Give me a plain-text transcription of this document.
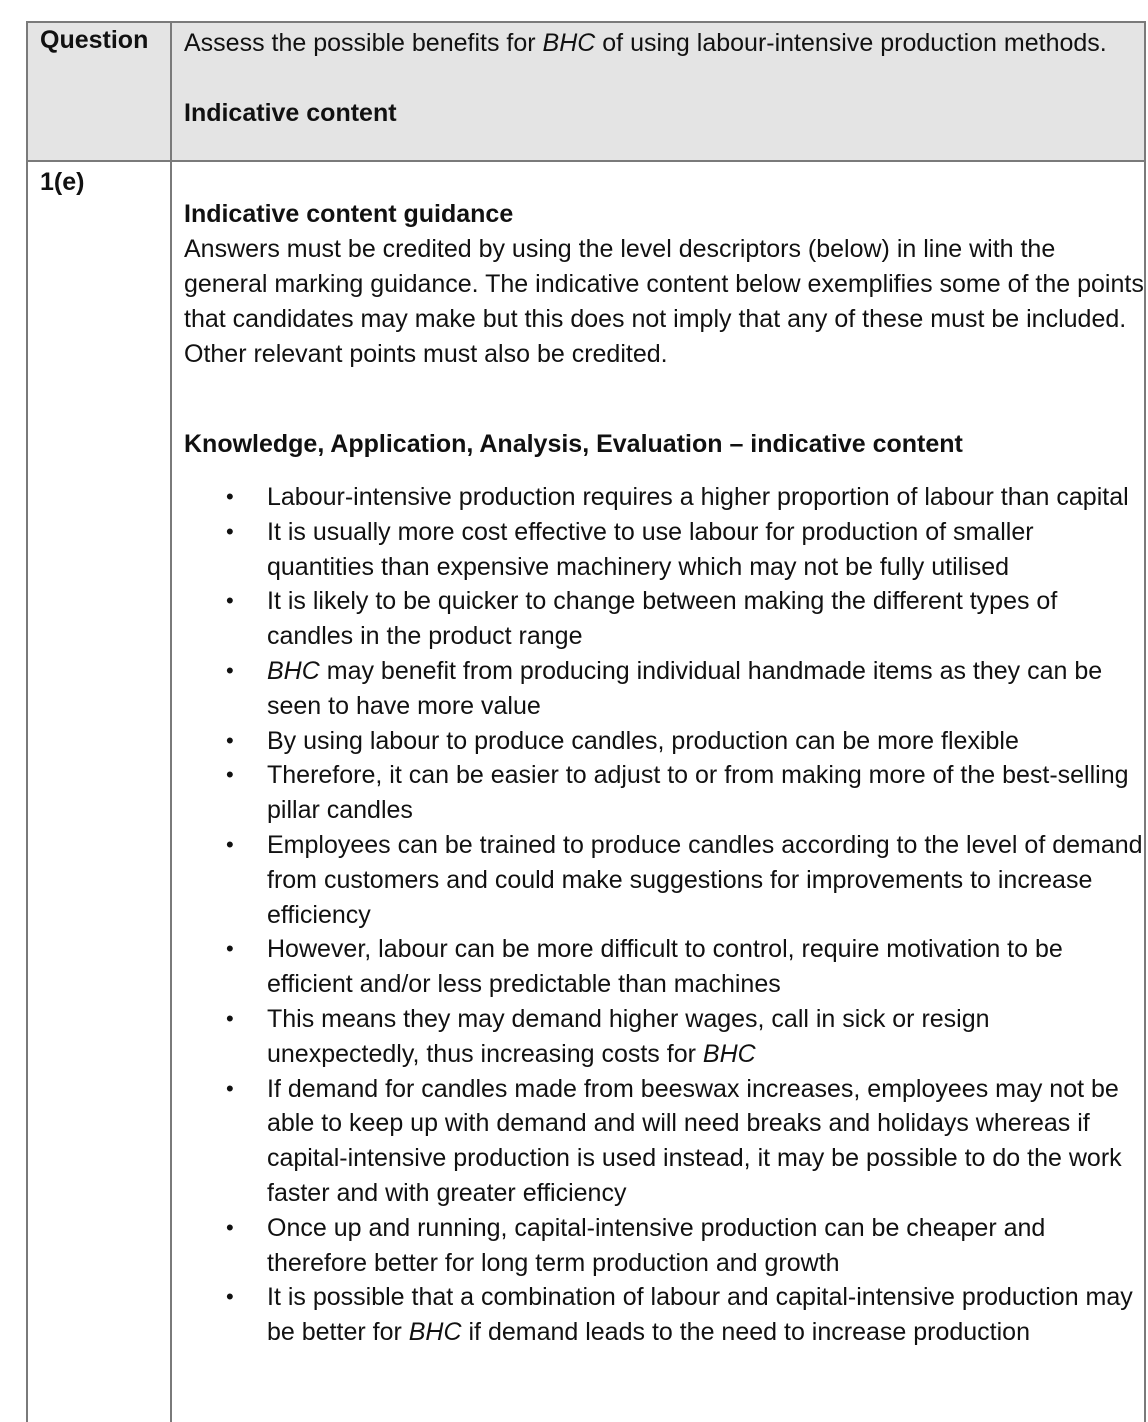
Question	Assess the possible benefits for BHC of using labour-intensive production methods.

Indicative content
1(e)

Indicative content guidance

Answers must be credited by using the level descriptors (below) in line with the general marking guidance. The indicative content below exemplifies some of the points that candidates may make but this does not imply that any of these must be included. Other relevant points must also be credited.

Knowledge, Application, Analysis, Evaluation – indicative content

• Labour-intensive production requires a higher proportion of labour than capital
• It is usually more cost effective to use labour for production of smaller quantities than expensive machinery which may not be fully utilised
• It is likely to be quicker to change between making the different types of candles in the product range
• BHC may benefit from producing individual handmade items as they can be seen to have more value
• By using labour to produce candles, production can be more flexible
• Therefore, it can be easier to adjust to or from making more of the best-selling pillar candles
• Employees can be trained to produce candles according to the level of demand from customers and could make suggestions for improvements to increase efficiency
• However, labour can be more difficult to control, require motivation to be efficient and/or less predictable than machines
• This means they may demand higher wages, call in sick or resign unexpectedly, thus increasing costs for BHC
• If demand for candles made from beeswax increases, employees may not be able to keep up with demand and will need breaks and holidays whereas if capital-intensive production is used instead, it may be possible to do the work faster and with greater efficiency
• Once up and running, capital-intensive production can be cheaper and therefore better for long term production and growth
• It is possible that a combination of labour and capital-intensive production may be better for BHC if demand leads to the need to increase production
